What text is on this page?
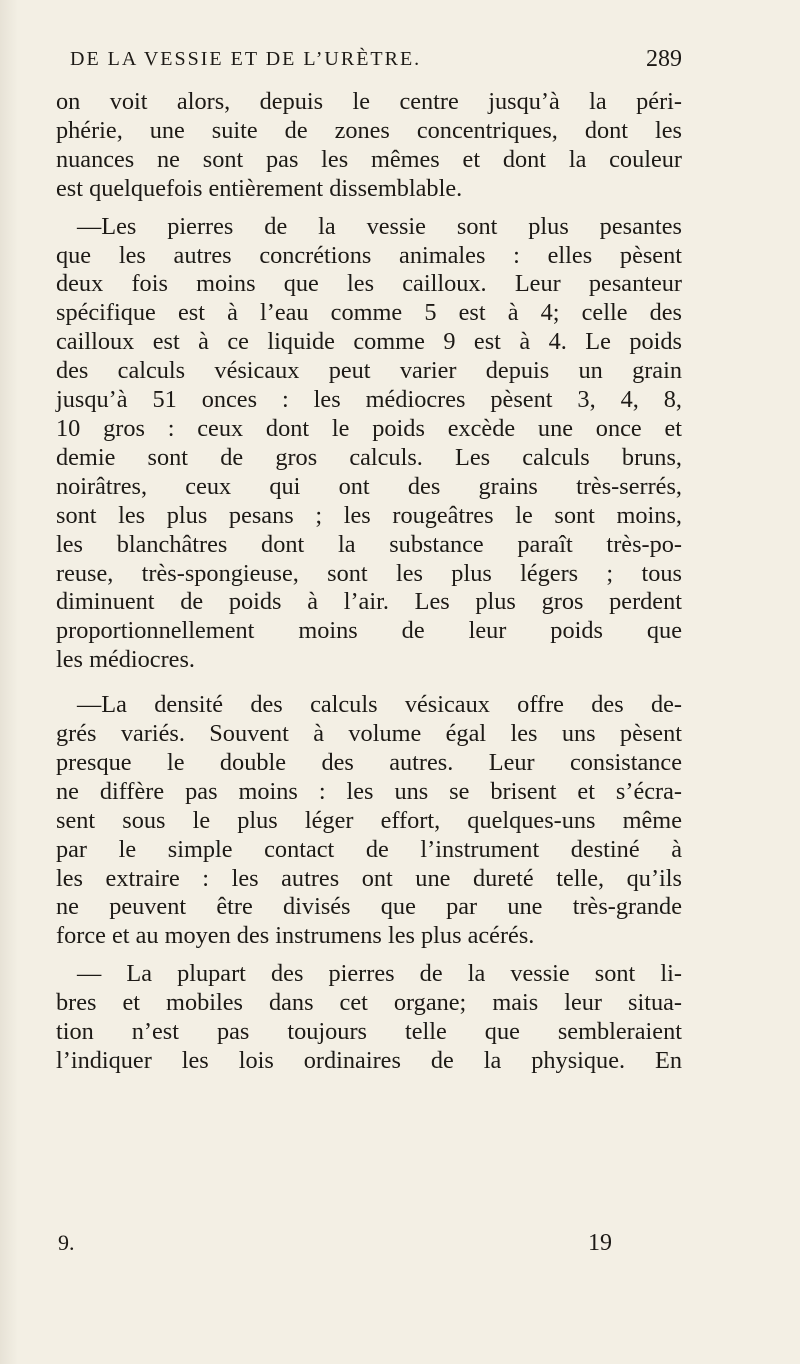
DE LA VESSIE ET DE L’URÈTRE.	289

on voit alors, depuis le centre jusqu’à la péri-
phérie, une suite de zones concentriques, dont les
nuances ne sont pas les mêmes et dont la couleur
est quelquefois entièrement dissemblable.

—Les pierres de la vessie sont plus pesantes
que les autres concrétions animales : elles pèsent
deux fois moins que les cailloux. Leur pesanteur
spécifique est à l’eau comme 5 est à 4; celle des
cailloux est à ce liquide comme 9 est à 4. Le poids
des calculs vésicaux peut varier depuis un grain
jusqu’à 51 onces : les médiocres pèsent 3, 4, 8,
10 gros : ceux dont le poids excède une once et
demie sont de gros calculs. Les calculs bruns,
noirâtres, ceux qui ont des grains très-serrés,
sont les plus pesans ; les rougeâtres le sont moins,
les blanchâtres dont la substance paraît très-po-
reuse, très-spongieuse, sont les plus légers ; tous
diminuent de poids à l’air. Les plus gros perdent
proportionnellement moins de leur poids que
les médiocres.

—La densité des calculs vésicaux offre des de-
grés variés. Souvent à volume égal les uns pèsent
presque le double des autres. Leur consistance
ne diffère pas moins : les uns se brisent et s’écra-
sent sous le plus léger effort, quelques-uns même
par le simple contact de l’instrument destiné à
les extraire : les autres ont une dureté telle, qu’ils
ne peuvent être divisés que par une très-grande
force et au moyen des instrumens les plus acérés.

— La plupart des pierres de la vessie sont li-
bres et mobiles dans cet organe; mais leur situa-
tion n’est pas toujours telle que sembleraient
l’indiquer les lois ordinaires de la physique. En

9.	19
